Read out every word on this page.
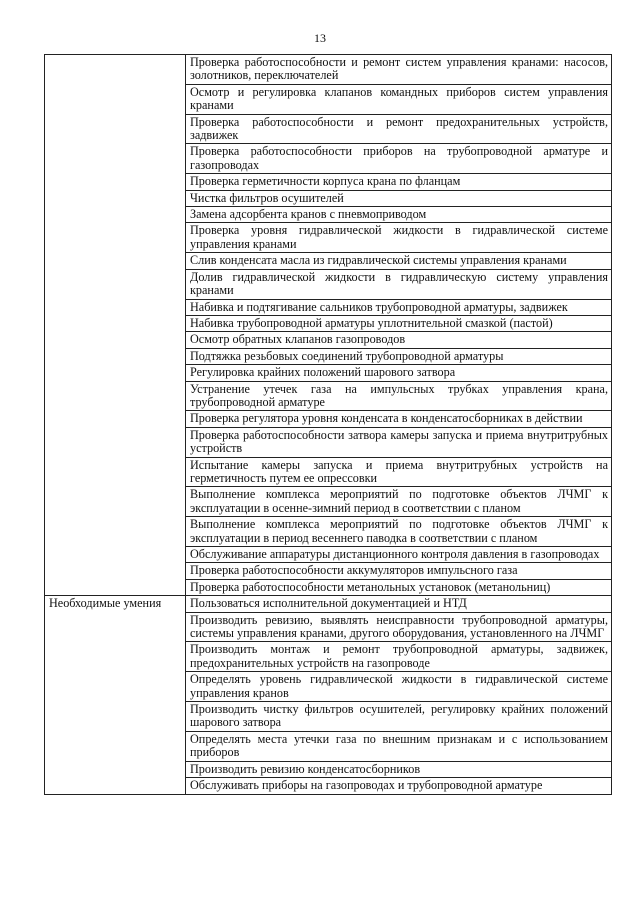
13
	Проверка работоспособности и ремонт систем управления кранами: насосов, золотников, переключателей
	Осмотр и регулировка клапанов командных приборов систем управления кранами
	Проверка работоспособности и ремонт предохранительных устройств, задвижек
	Проверка работоспособности приборов на трубопроводной арматуре и газопроводах
	Проверка герметичности корпуса крана по фланцам
	Чистка фильтров осушителей
	Замена адсорбента кранов с пневмоприводом
	Проверка уровня гидравлической жидкости в гидравлической системе управления кранами
	Слив конденсата масла из гидравлической системы управления кранами
	Долив гидравлической жидкости в гидравлическую систему управления кранами
	Набивка и подтягивание сальников трубопроводной арматуры, задвижек
	Набивка трубопроводной арматуры уплотнительной смазкой (пастой)
	Осмотр обратных клапанов газопроводов
	Подтяжка резьбовых соединений трубопроводной арматуры
	Регулировка крайних положений шарового затвора
	Устранение утечек газа на импульсных трубках управления крана, трубопроводной арматуре
	Проверка регулятора уровня конденсата в конденсатосборниках в действии
	Проверка работоспособности затвора камеры запуска и приема внутритрубных устройств
	Испытание камеры запуска и приема внутритрубных устройств на герметичность путем ее опрессовки
	Выполнение комплекса мероприятий по подготовке объектов ЛЧМГ к эксплуатации в осенне-зимний период в соответствии с планом
	Выполнение комплекса мероприятий по подготовке объектов ЛЧМГ к эксплуатации в период весеннего паводка в соответствии с планом
	Обслуживание аппаратуры дистанционного контроля давления в газопроводах
	Проверка работоспособности аккумуляторов импульсного газа
	Проверка работоспособности метанольных установок (метанольниц)
Необходимые умения	Пользоваться исполнительной документацией и НТД
	Производить ревизию, выявлять неисправности трубопроводной арматуры, системы управления кранами, другого оборудования, установленного на ЛЧМГ
	Производить монтаж и ремонт трубопроводной арматуры, задвижек, предохранительных устройств на газопроводе
	Определять уровень гидравлической жидкости в гидравлической системе управления кранов
	Производить чистку фильтров осушителей, регулировку крайних положений шарового затвора
	Определять места утечки газа по внешним признакам и с использованием приборов
	Производить ревизию конденсатосборников
	Обслуживать приборы на газопроводах и трубопроводной арматуре
